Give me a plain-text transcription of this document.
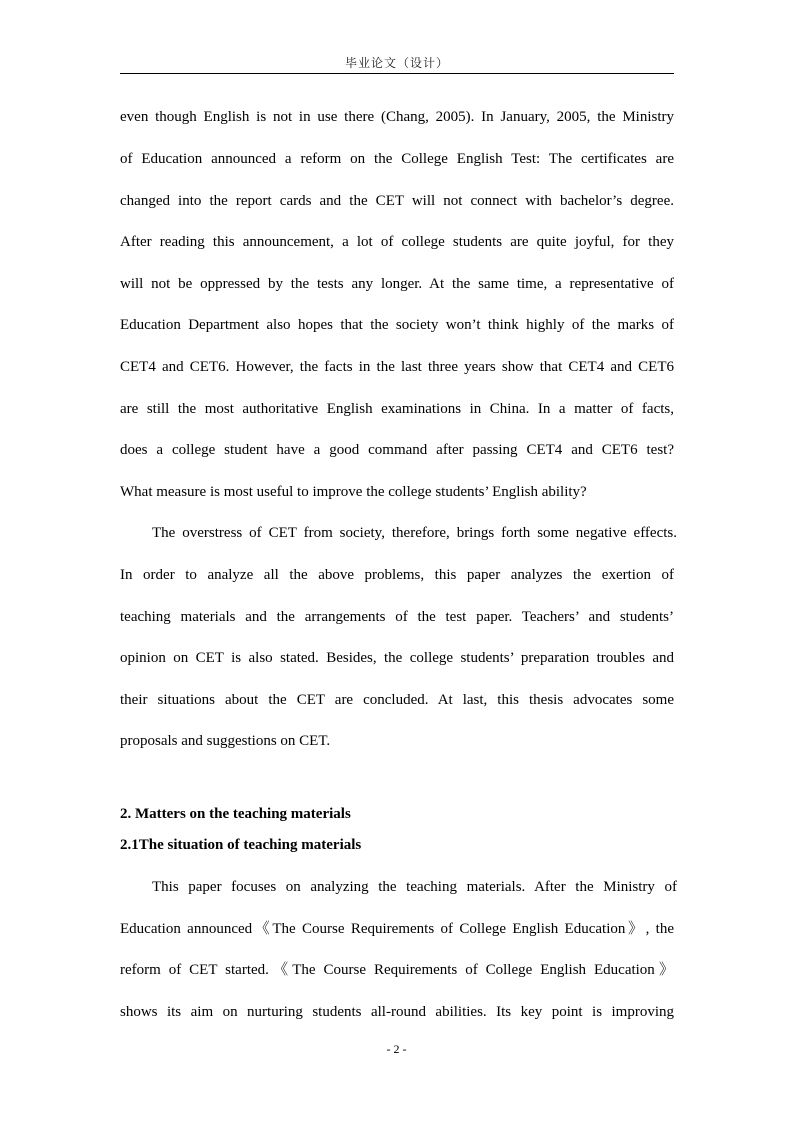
毕业论文（设计）
even though English is not in use there (Chang, 2005). In January, 2005, the Ministry
of Education announced a reform on the College English Test: The certificates are
changed into the report cards and the CET will not connect with bachelor’s degree.
After reading this announcement, a lot of college students are quite joyful, for they
will not be oppressed by the tests any longer. At the same time, a representative of
Education Department also hopes that the society won’t think highly of the marks of
CET4 and CET6. However, the facts in the last three years show that CET4 and CET6
are still the most authoritative English examinations in China. In a matter of facts,
does a college student have a good command after passing CET4 and CET6 test?
What measure is most useful to improve the college students’ English ability?
The overstress of CET from society, therefore, brings forth some negative effects.
In order to analyze all the above problems, this paper analyzes the exertion of
teaching materials and the arrangements of the test paper. Teachers’ and students’
opinion on CET is also stated. Besides, the college students’ preparation troubles and
their situations about the CET are concluded. At last, this thesis advocates some
proposals and suggestions on CET.
2. Matters on the teaching materials
2.1The situation of teaching materials
This paper focuses on analyzing the teaching materials. After the Ministry of
Education announced《The Course Requirements of College English Education》, the
reform of CET started.《The Course Requirements of College English Education》
shows its aim on nurturing students all-round abilities. Its key point is improving
- 2 -
